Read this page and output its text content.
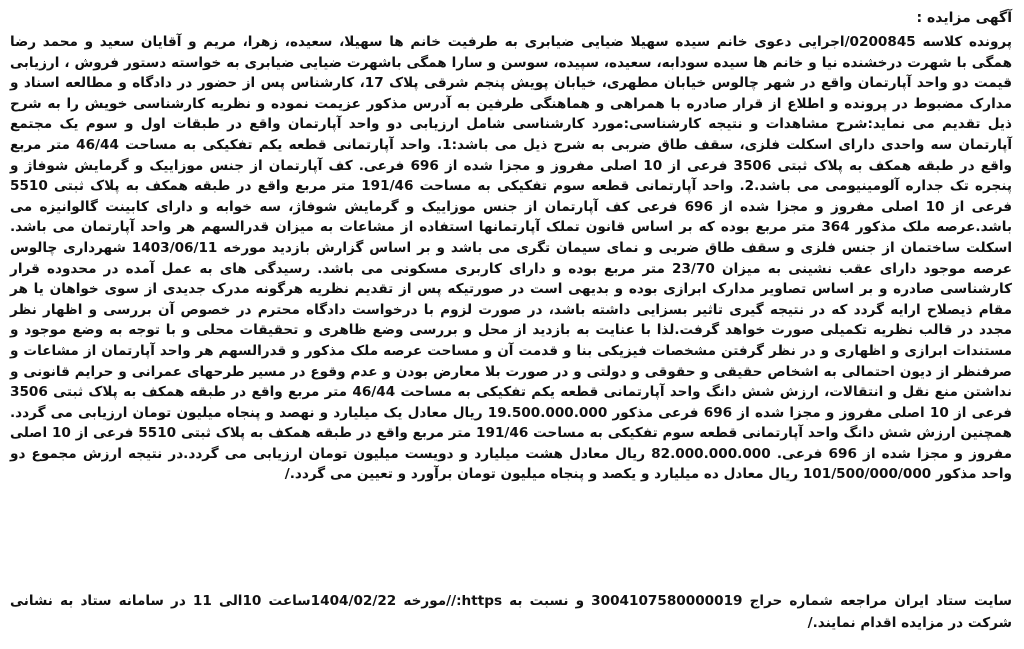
آگهی مزایده :

پرونده کلاسه 0200845/اجرایی دعوی خانم سیده سهیلا ضیایی ضیابری به طرفیت خانم ها سهیلا، سعیده، زهرا، مریم و آقایان سعید و محمد رضا همگی با شهرت درخشنده نیا و خانم ها سیده سودابه، سعیده، سپیده، سوسن و سارا همگی باشهرت ضیایی ضیابری به خواسته دستور فروش ، ارزیابی قیمت دو واحد آپارتمان واقع در شهر چالوس خیابان مطهری، خیابان پویش پنجم شرقی پلاک 17، کارشناس پس از حضور در دادگاه و مطالعه اسناد و مدارک مضبوط در پرونده و اطلاع از قرار صادره با همراهی و هماهنگی طرفین به آدرس مذکور عزیمت نموده و نظریه کارشناسی خویش را به شرح ذیل تقدیم می نماید:شرح مشاهدات و نتیجه کارشناسی:مورد کارشناسی شامل ارزیابی دو واحد آپارتمان واقع در طبقات اول و سوم یک مجتمع آپارتمان سه واحدی دارای اسکلت فلزی، سقف طاق ضربی به شرح ذیل می باشد:1. واحد آپارتمانی قطعه یکم تفکیکی به مساحت 46/44 متر مربع واقع در طبقه همکف به پلاک ثبتی 3506 فرعی از 10 اصلی مفروز و مجزا شده از 696 فرعی. کف آپارتمان از جنس موزاییک و گرمایش شوفاژ و پنجره تک جداره آلومینیومی می باشد.2. واحد آپارتمانی قطعه سوم تفکیکی به مساحت 191/46 متر مربع واقع در طبقه همکف به پلاک ثبتی 5510 فرعی از 10 اصلی مفروز و مجزا شده از 696 فرعی کف آپارتمان از جنس موزاییک و گرمایش شوفاژ، سه خوابه و دارای کابینت گالوانیزه می باشد.عرصه ملک مذکور 364 متر مربع بوده که بر اساس قانون تملک آپارتمانها استفاده از مشاعات به میزان قدرالسهم هر واحد آپارتمان می باشد. اسکلت ساختمان از جنس فلزی و سقف طاق ضربی و نمای سیمان تگری می باشد و بر اساس گزارش بازدید مورخه 1403/06/11 شهرداری چالوس عرصه موجود دارای عقب نشینی به میزان 23/70 متر مربع بوده و دارای کاربری مسکونی می باشد. رسیدگی های به عمل آمده در محدوده قرار کارشناسی صادره و بر اساس تصاویر مدارک ابرازی بوده و بدیهی است در صورتیکه پس از تقدیم نظریه هرگونه مدرک جدیدی از سوی خواهان یا هر مقام ذیصلاح ارایه گردد که در نتیجه گیری تاثیر بسزایی داشته باشد، در صورت لزوم با درخواست دادگاه محترم در خصوص آن بررسی و اظهار نظر مجدد در قالب نظریه تکمیلی صورت خواهد گرفت.لذا با عنایت به بازدید از محل و بررسی وضع ظاهری و تحقیقات محلی و با توجه به وضع موجود و مستندات ابرازی و اظهاری و در نظر گرفتن مشخصات فیزیکی بنا و قدمت آن و مساحت عرصه ملک مذکور و قدرالسهم هر واحد آپارتمان از مشاعات و صرفنظر از دیون احتمالی به اشخاص حقیقی و حقوقی و دولتی و در صورت بلا معارض بودن و عدم وقوع در مسیر طرحهای عمرانی و حرایم قانونی و نداشتن منع نقل و انتقالات، ارزش شش دانگ واحد آپارتمانی قطعه یکم تفکیکی به مساحت 46/44 متر مربع واقع در طبقه همکف به پلاک ثبتی 3506 فرعی از 10 اصلی مفروز و مجزا شده از 696 فرعی مذکور 19.500.000.000 ریال معادل یک میلیارد و نهصد و پنجاه میلیون تومان ارزیابی می گردد. همچنین ارزش شش دانگ واحد آپارتمانی قطعه سوم تفکیکی به مساحت 191/46 متر مربع واقع در طبقه همکف به پلاک ثبتی 5510 فرعی از 10 اصلی مفروز و مجزا شده از 696 فرعی. 82.000.000.000 ریال معادل هشت میلیارد و دویست میلیون تومان ارزیابی می گردد.در نتیجه ارزش مجموع دو واحد مذکور 101/500/000/000 ریال معادل ده میلیارد و یکصد و پنجاه میلیون تومان برآورد و تعیین می گردد./

سایت ستاد ایران مراجعه شماره حراج 3004107580000019 و نسبت به https://مورخه 1404/02/22ساعت 10الی 11 در سامانه ستاد به نشانی شرکت در مزایده اقدام نمایند./
